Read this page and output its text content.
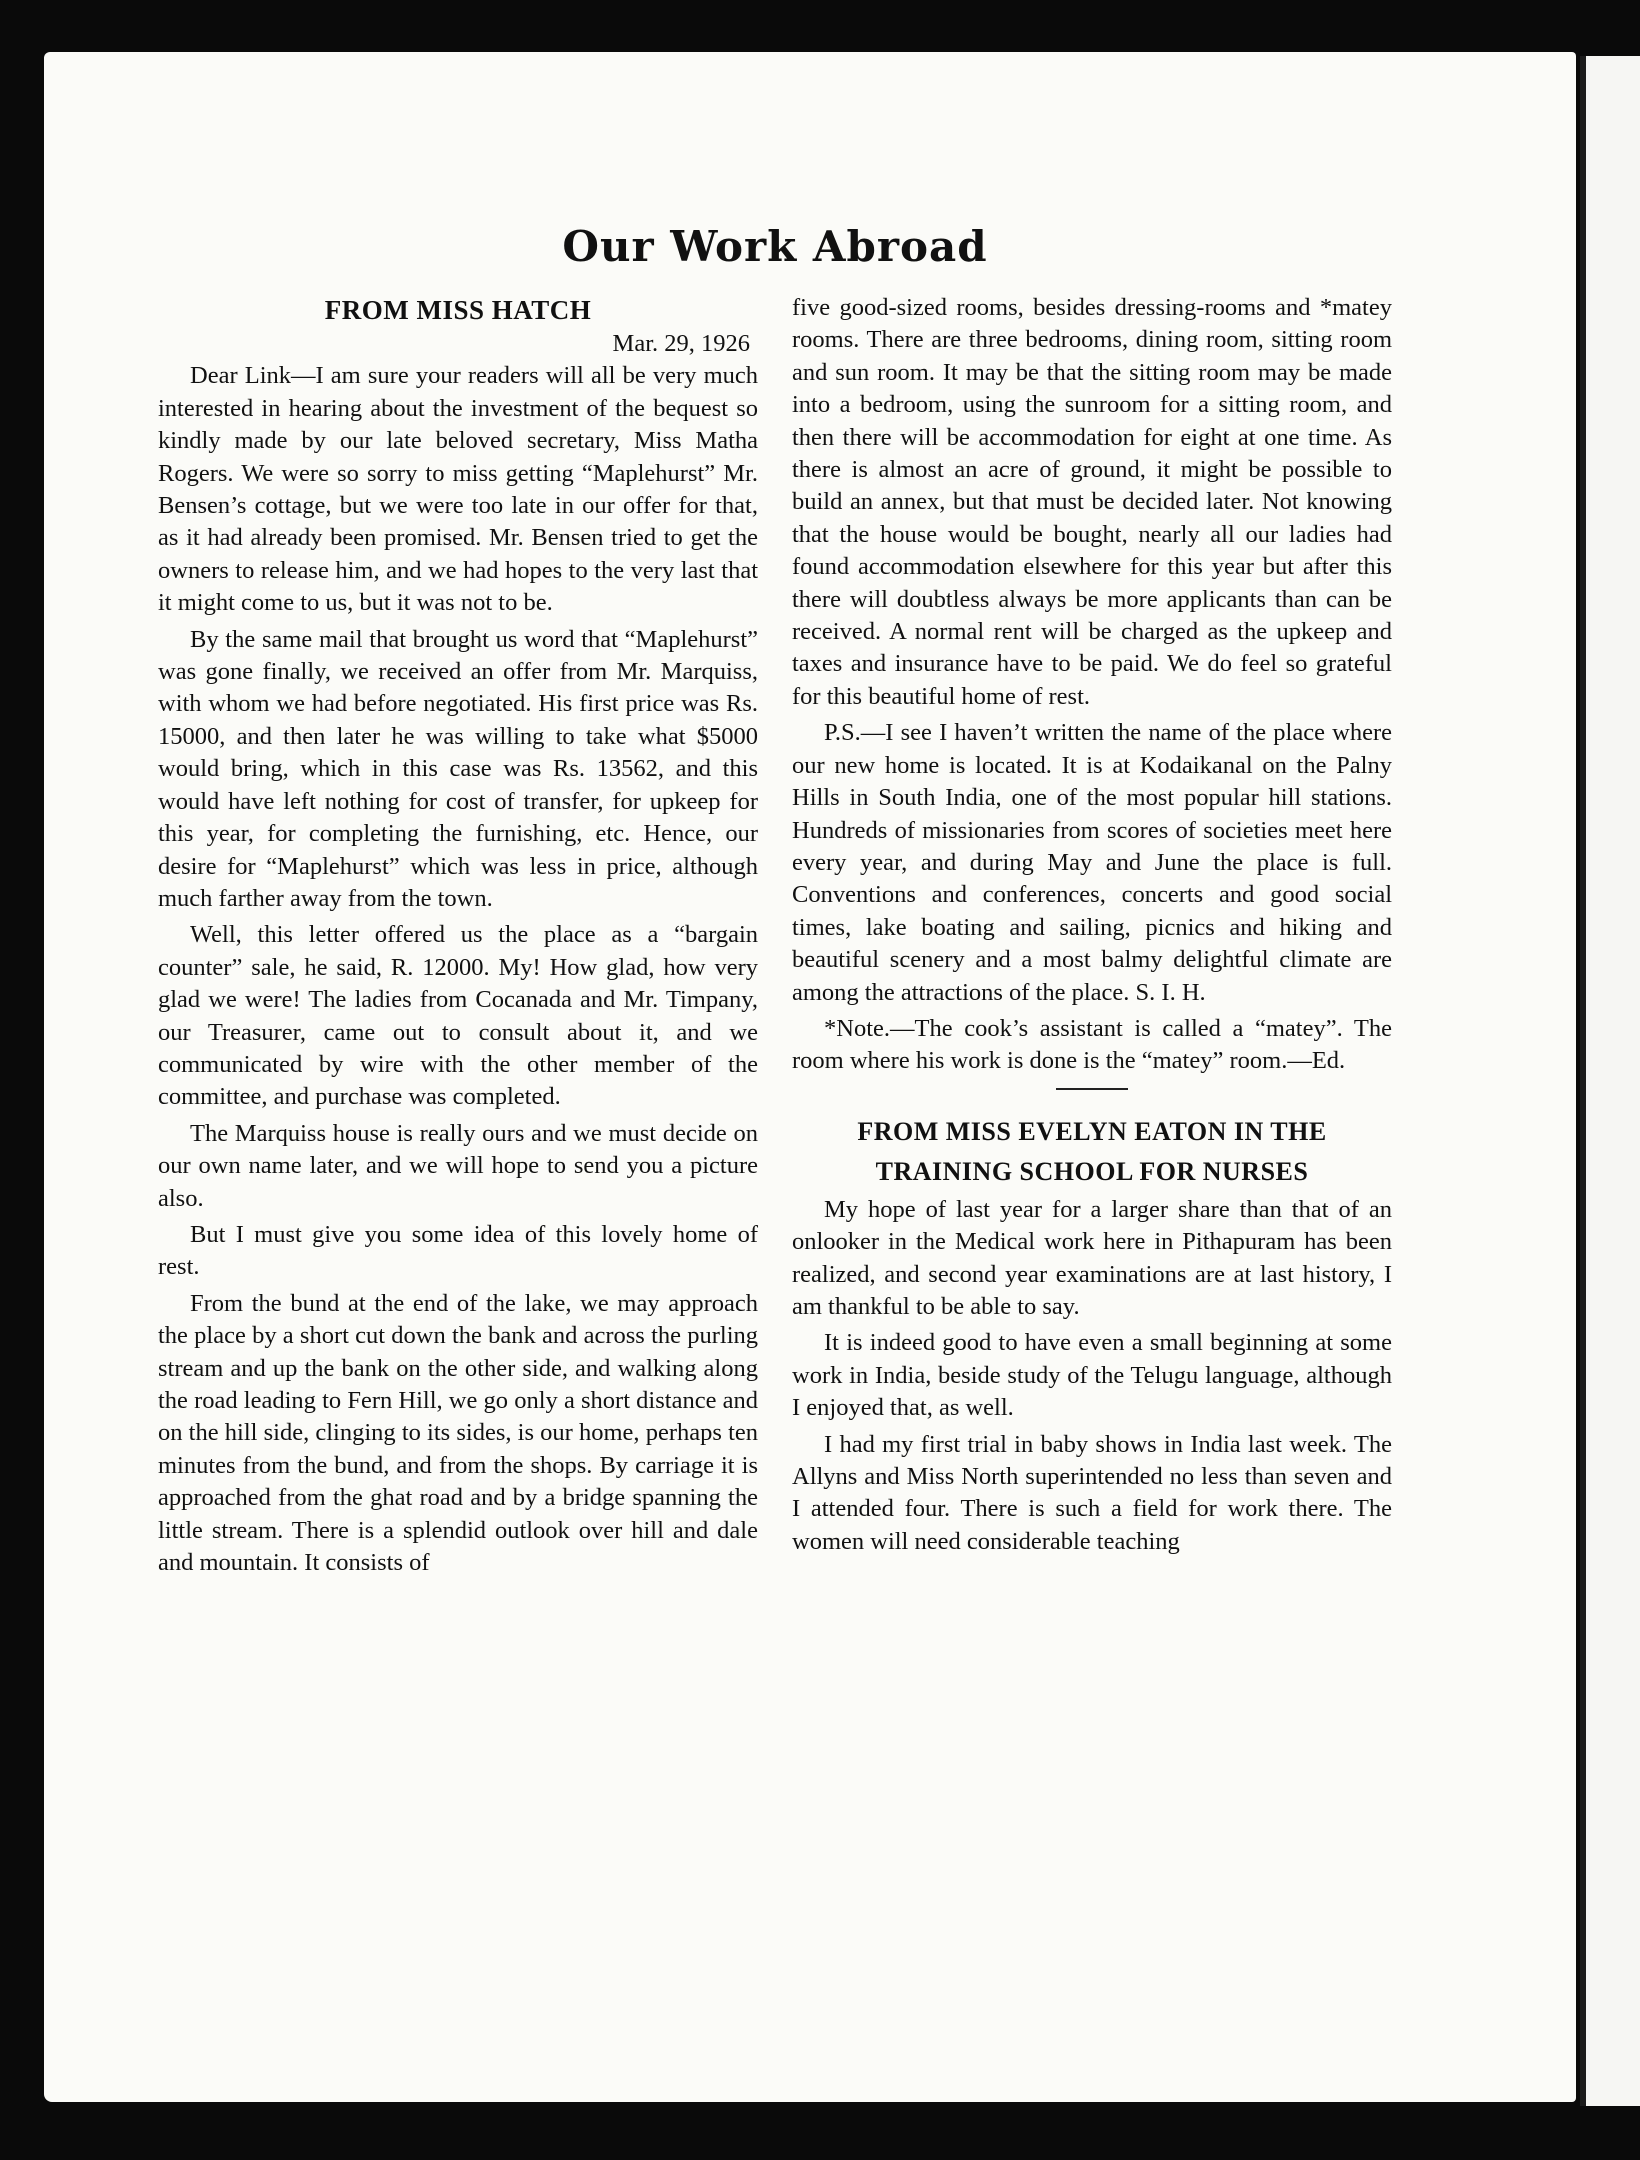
Our Work Abroad
FROM MISS HATCH
Mar. 29, 1926

Dear Link—I am sure your readers will all be very much interested in hearing about the investment of the bequest so kindly made by our late beloved secretary, Miss Matha Rogers. We were so sorry to miss getting “Maplehurst” Mr. Bensen’s cottage, but we were too late in our offer for that, as it had already been promised. Mr. Bensen tried to get the owners to release him, and we had hopes to the very last that it might come to us, but it was not to be.

By the same mail that brought us word that “Maplehurst” was gone finally, we received an offer from Mr. Marquiss, with whom we had before negotiated. His first price was Rs. 15000, and then later he was willing to take what $5000 would bring, which in this case was Rs. 13562, and this would have left nothing for cost of transfer, for upkeep for this year, for completing the furnishing, etc. Hence, our desire for “Maplehurst” which was less in price, although much farther away from the town.

Well, this letter offered us the place as a “bargain counter” sale, he said, R. 12000. My! How glad, how very glad we were! The ladies from Cocanada and Mr. Timpany, our Treasurer, came out to consult about it, and we communicated by wire with the other member of the committee, and purchase was completed.

The Marquiss house is really ours and we must decide on our own name later, and we will hope to send you a picture also.

But I must give you some idea of this lovely home of rest.

From the bund at the end of the lake, we may approach the place by a short cut down the bank and across the purling stream and up the bank on the other side, and walking along the road leading to Fern Hill, we go only a short distance and on the hill side, clinging to its sides, is our home, perhaps ten minutes from the bund, and from the shops. By carriage it is approached from the ghat road and by a bridge spanning the little stream. There is a splendid outlook over hill and dale and mountain. It consists of

five good-sized rooms, besides dressing-rooms and *matey rooms. There are three bedrooms, dining room, sitting room and sun room. It may be that the sitting room may be made into a bedroom, using the sunroom for a sitting room, and then there will be accommodation for eight at one time. As there is almost an acre of ground, it might be possible to build an annex, but that must be decided later. Not knowing that the house would be bought, nearly all our ladies had found accommodation elsewhere for this year but after this there will doubtless always be more applicants than can be received. A normal rent will be charged as the upkeep and taxes and insurance have to be paid. We do feel so grateful for this beautiful home of rest.

P.S.—I see I haven’t written the name of the place where our new home is located. It is at Kodaikanal on the Palny Hills in South India, one of the most popular hill stations. Hundreds of missionaries from scores of societies meet here every year, and during May and June the place is full. Conventions and conferences, concerts and good social times, lake boating and sailing, picnics and hiking and beautiful scenery and a most balmy delightful climate are among the attractions of the place. S. I. H.

*Note.—The cook’s assistant is called a “matey”. The room where his work is done is the “matey” room.—Ed.

FROM MISS EVELYN EATON IN THE
TRAINING SCHOOL FOR NURSES

My hope of last year for a larger share than that of an onlooker in the Medical work here in Pithapuram has been realized, and second year examinations are at last history, I am thankful to be able to say.

It is indeed good to have even a small beginning at some work in India, beside study of the Telugu language, although I enjoyed that, as well.

I had my first trial in baby shows in India last week. The Allyns and Miss North superintended no less than seven and I attended four. There is such a field for work there. The women will need considerable teaching
